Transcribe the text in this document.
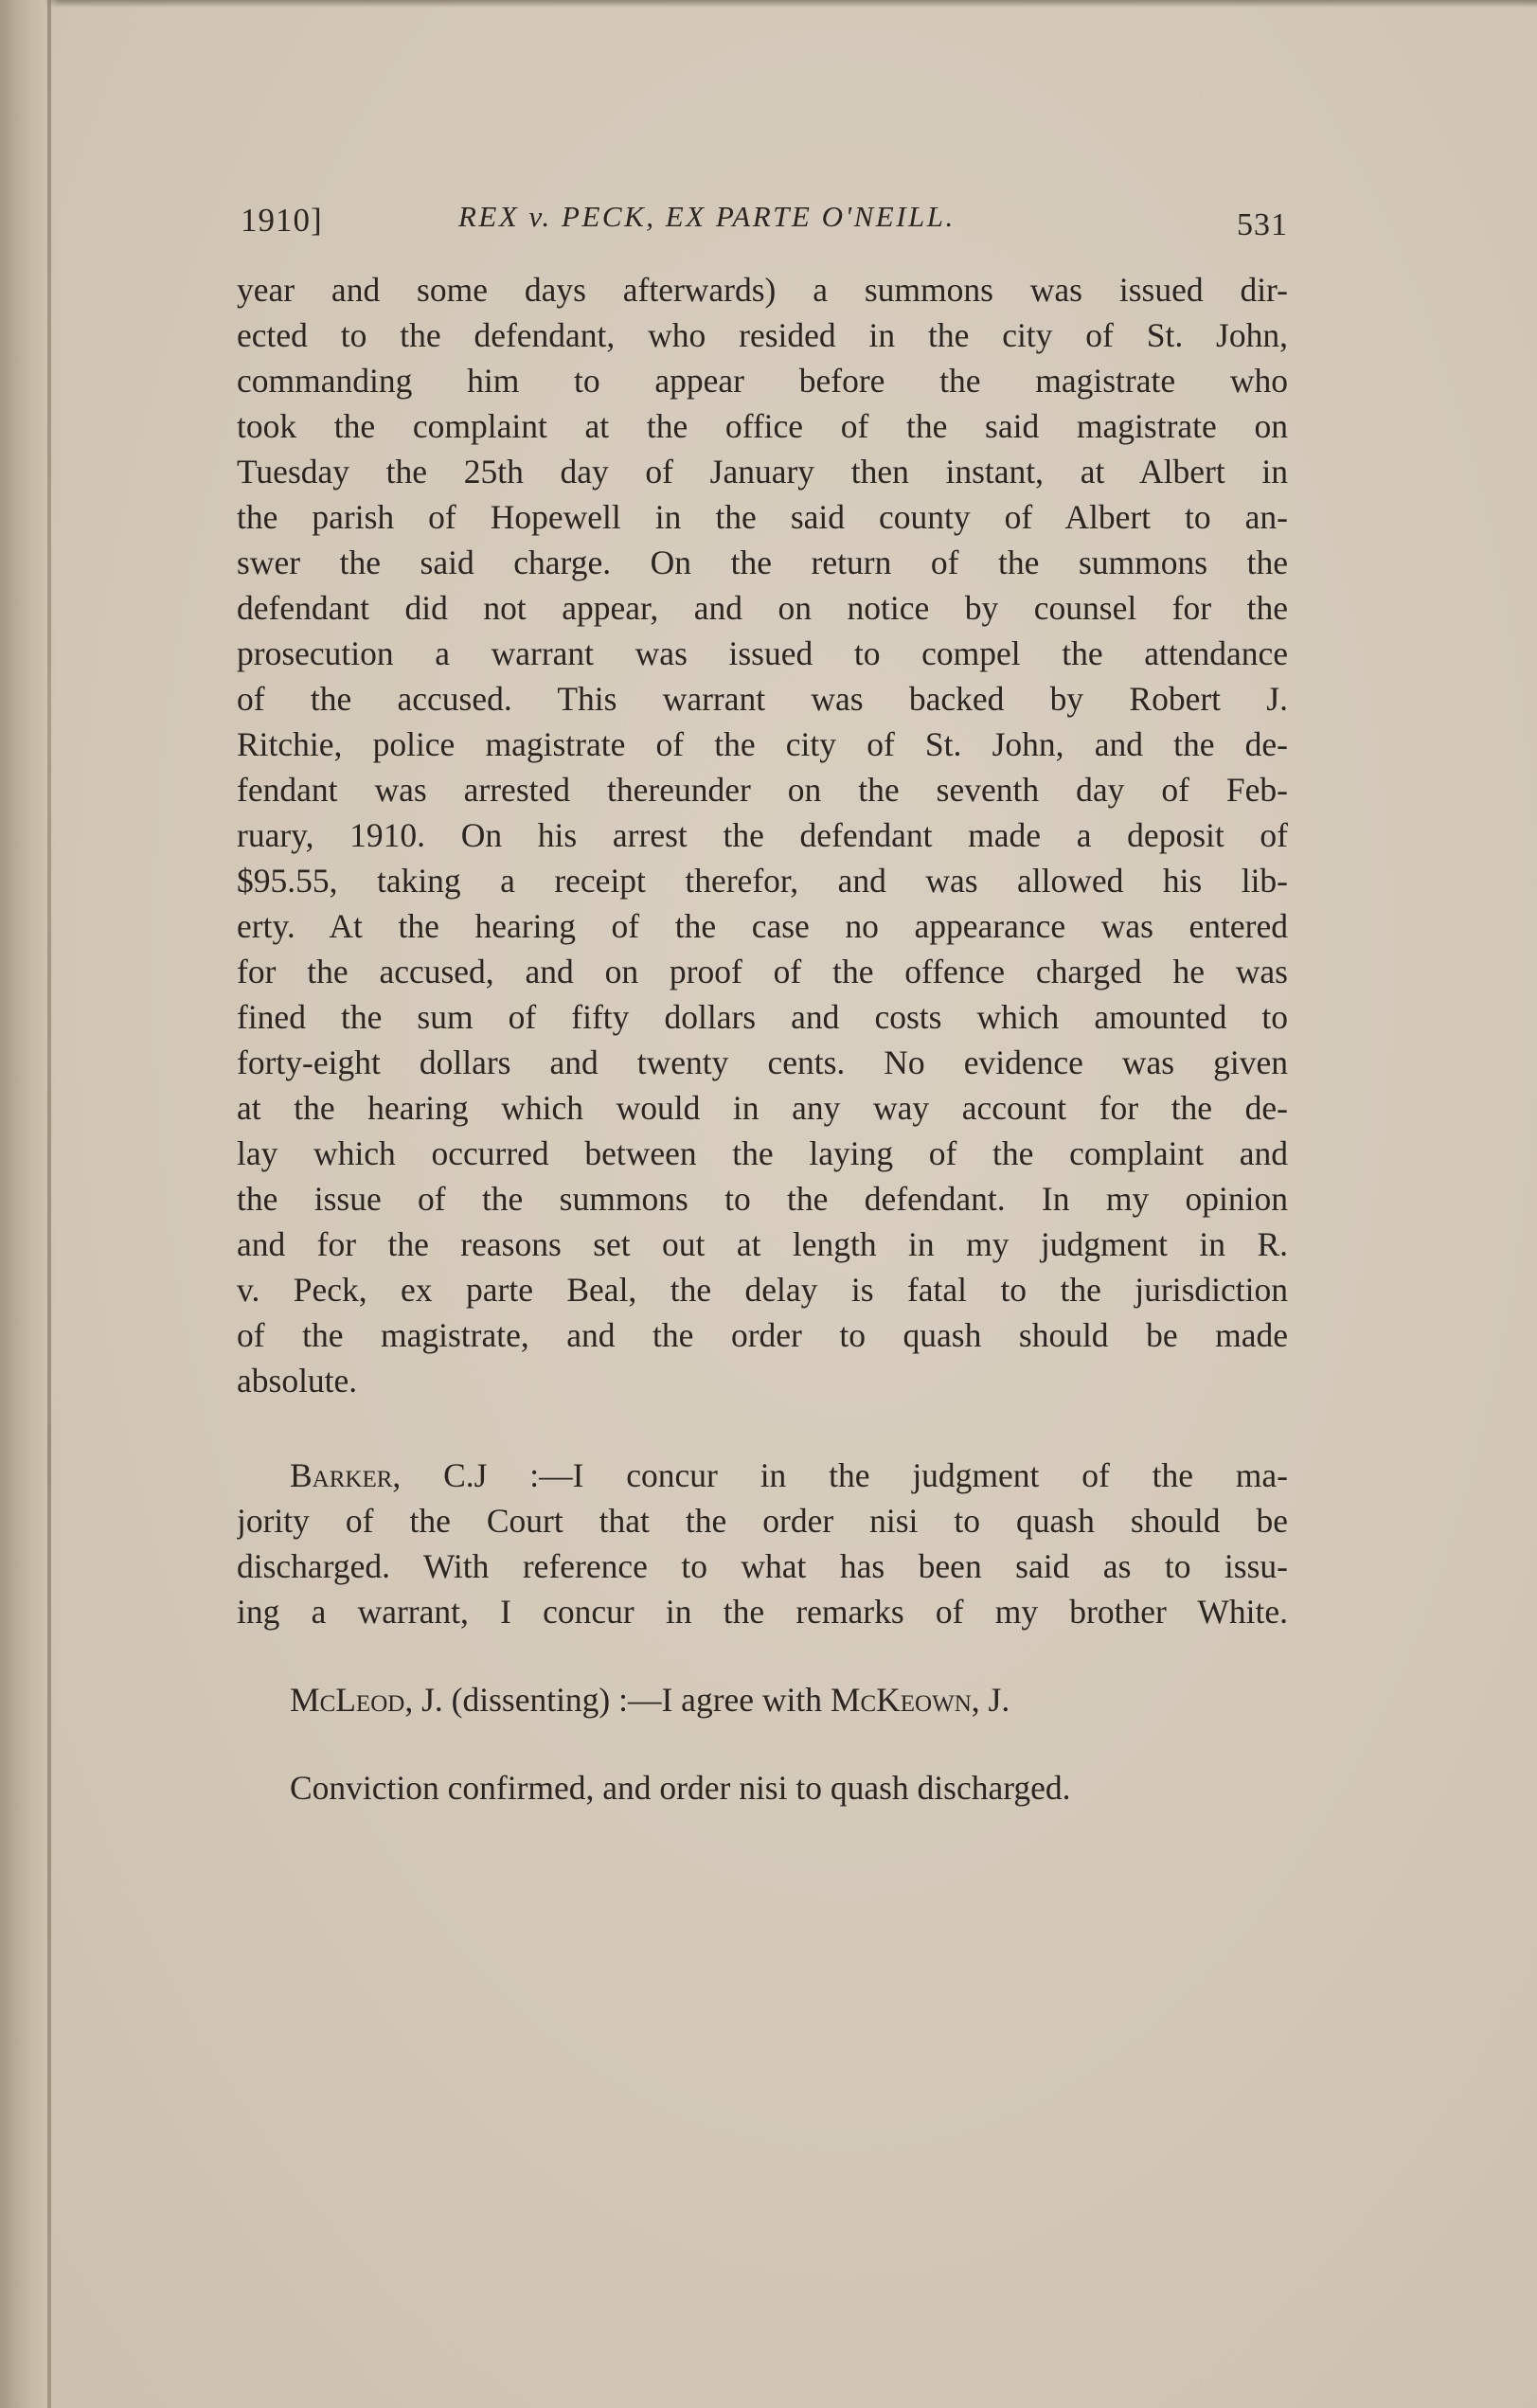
1910]	REX v. PECK, EX PARTE O'NEILL.	531
year and some days afterwards) a summons was issued dir-
ected to the defendant, who resided in the city of St. John,
commanding him to appear before the magistrate who
took the complaint at the office of the said magistrate on
Tuesday the 25th day of January then instant, at Albert in
the parish of Hopewell in the said county of Albert to an-
swer the said charge. On the return of the summons the
defendant did not appear, and on notice by counsel for the
prosecution a warrant was issued to compel the attendance
of the accused. This warrant was backed by Robert J.
Ritchie, police magistrate of the city of St. John, and the de-
fendant was arrested thereunder on the seventh day of Feb-
ruary, 1910. On his arrest the defendant made a deposit of
$95.55, taking a receipt therefor, and was allowed his lib-
erty. At the hearing of the case no appearance was entered
for the accused, and on proof of the offence charged he was
fined the sum of fifty dollars and costs which amounted to
forty-eight dollars and twenty cents. No evidence was given
at the hearing which would in any way account for the de-
lay which occurred between the laying of the complaint and
the issue of the summons to the defendant. In my opinion
and for the reasons set out at length in my judgment in R.
v. Peck, ex parte Beal, the delay is fatal to the jurisdiction
of the magistrate, and the order to quash should be made
absolute.
Barker, C.J :—I concur in the judgment of the ma-
jority of the Court that the order nisi to quash should be
discharged. With reference to what has been said as to issu-
ing a warrant, I concur in the remarks of my brother White.
McLeod, J. (dissenting) :—I agree with McKeown, J.
Conviction confirmed, and order nisi to quash discharged.
